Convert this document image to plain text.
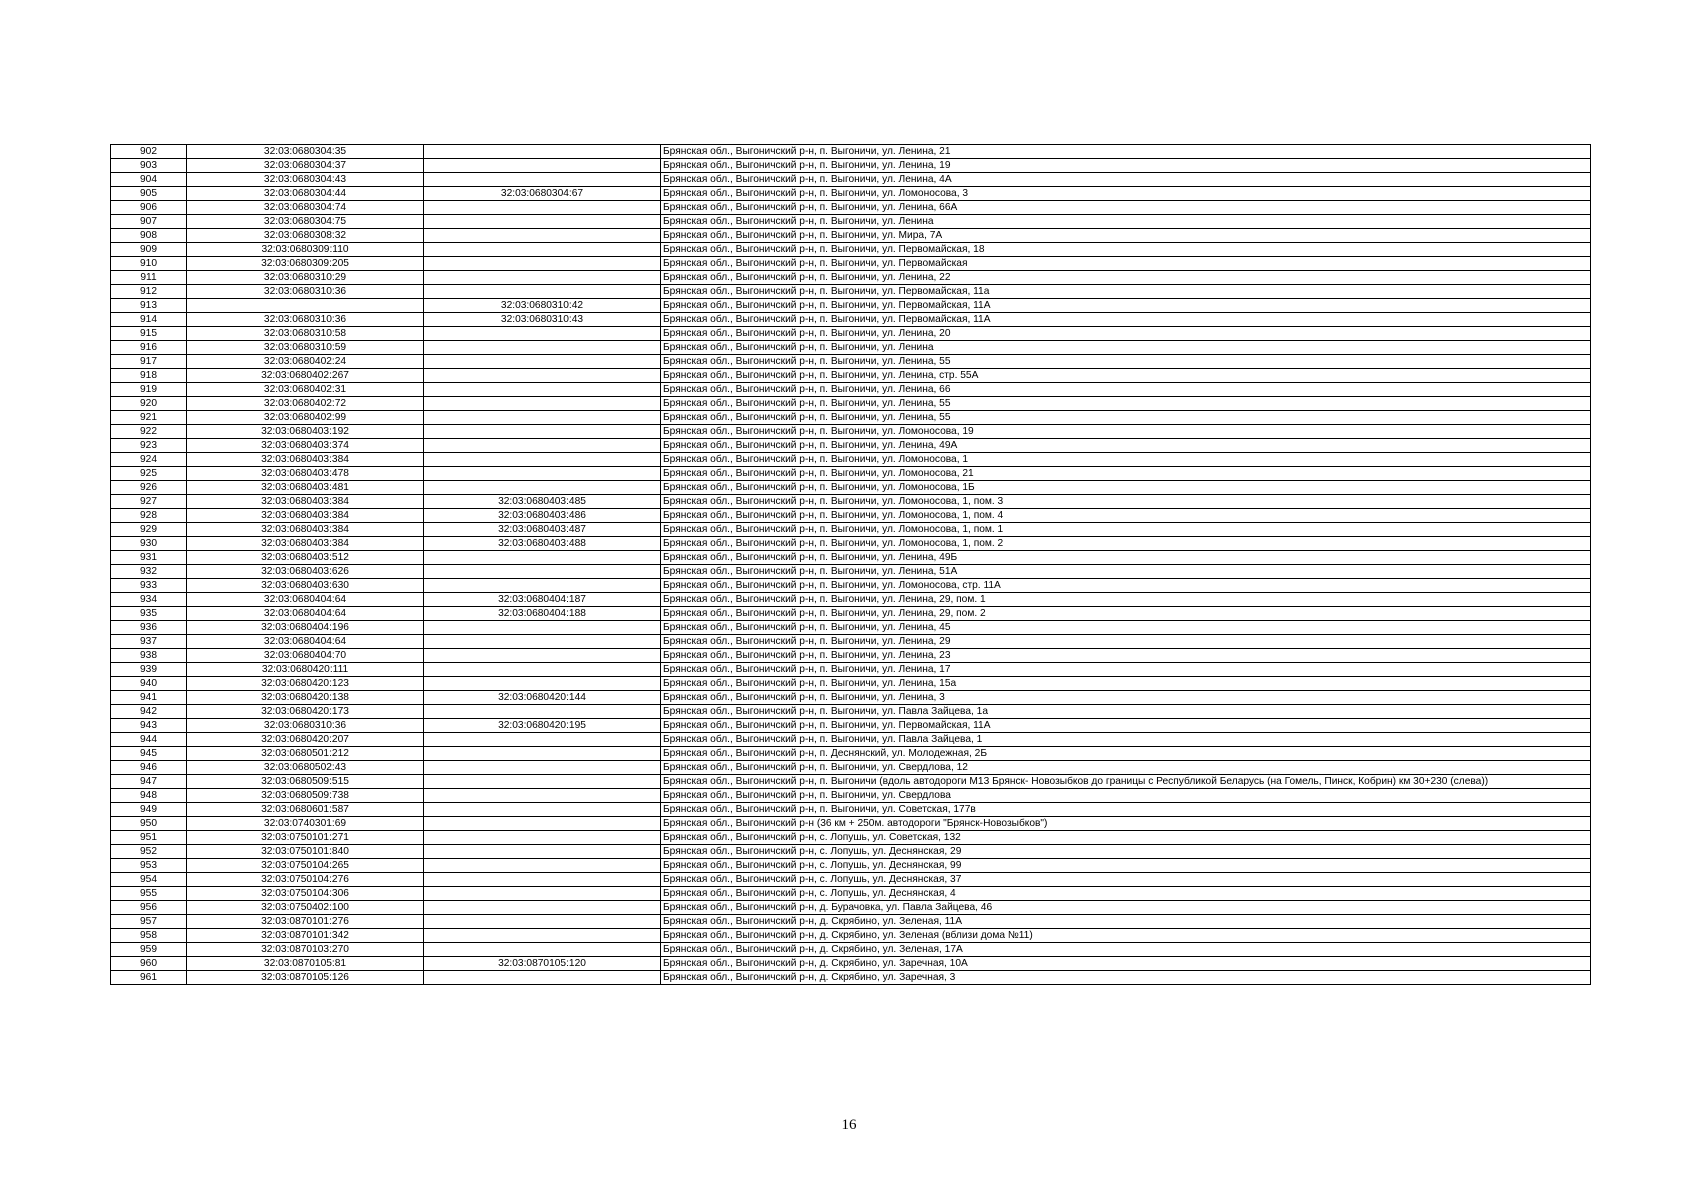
902	32:03:0680304:35		Брянская обл., Выгоничский р-н, п. Выгоничи, ул. Ленина, 21
903	32:03:0680304:37		Брянская обл., Выгоничский р-н, п. Выгоничи, ул. Ленина, 19
904	32:03:0680304:43		Брянская обл., Выгоничский р-н, п. Выгоничи, ул. Ленина, 4А
905	32:03:0680304:44	32:03:0680304:67	Брянская обл., Выгоничский р-н, п. Выгоничи, ул. Ломоносова, 3
906	32:03:0680304:74		Брянская обл., Выгоничский р-н, п. Выгоничи, ул. Ленина, 66А
907	32:03:0680304:75		Брянская обл., Выгоничский р-н, п. Выгоничи, ул. Ленина
908	32:03:0680308:32		Брянская обл., Выгоничский р-н, п. Выгоничи, ул. Мира, 7А
909	32:03:0680309:110		Брянская обл., Выгоничский р-н, п. Выгоничи, ул. Первомайская, 18
910	32:03:0680309:205		Брянская обл., Выгоничский р-н, п. Выгоничи, ул. Первомайская
911	32:03:0680310:29		Брянская обл., Выгоничский р-н, п. Выгоничи, ул. Ленина, 22
912	32:03:0680310:36		Брянская обл., Выгоничский р-н, п. Выгоничи, ул. Первомайская, 11а
913		32:03:0680310:42	Брянская обл., Выгоничский р-н, п. Выгоничи, ул. Первомайская, 11А
914	32:03:0680310:36	32:03:0680310:43	Брянская обл., Выгоничский р-н, п. Выгоничи, ул. Первомайская, 11А
915	32:03:0680310:58		Брянская обл., Выгоничский р-н, п. Выгоничи, ул. Ленина, 20
916	32:03:0680310:59		Брянская обл., Выгоничский р-н, п. Выгоничи, ул. Ленина
917	32:03:0680402:24		Брянская обл., Выгоничский р-н, п. Выгоничи, ул. Ленина, 55
918	32:03:0680402:267		Брянская обл., Выгоничский р-н, п. Выгоничи, ул. Ленина, стр. 55А
919	32:03:0680402:31		Брянская обл., Выгоничский р-н, п. Выгоничи, ул. Ленина, 66
920	32:03:0680402:72		Брянская обл., Выгоничский р-н, п. Выгоничи, ул. Ленина, 55
921	32:03:0680402:99		Брянская обл., Выгоничский р-н, п. Выгоничи, ул. Ленина, 55
922	32:03:0680403:192		Брянская обл., Выгоничский р-н, п. Выгоничи, ул. Ломоносова, 19
923	32:03:0680403:374		Брянская обл., Выгоничский р-н, п. Выгоничи, ул. Ленина, 49А
924	32:03:0680403:384		Брянская обл., Выгоничский р-н, п. Выгоничи, ул. Ломоносова, 1
925	32:03:0680403:478		Брянская обл., Выгоничский р-н, п. Выгоничи, ул. Ломоносова, 21
926	32:03:0680403:481		Брянская обл., Выгоничский р-н, п. Выгоничи, ул. Ломоносова, 1Б
927	32:03:0680403:384	32:03:0680403:485	Брянская обл., Выгоничский р-н, п. Выгоничи, ул. Ломоносова, 1, пом. 3
928	32:03:0680403:384	32:03:0680403:486	Брянская обл., Выгоничский р-н, п. Выгоничи, ул. Ломоносова, 1, пом. 4
929	32:03:0680403:384	32:03:0680403:487	Брянская обл., Выгоничский р-н, п. Выгоничи, ул. Ломоносова, 1, пом. 1
930	32:03:0680403:384	32:03:0680403:488	Брянская обл., Выгоничский р-н, п. Выгоничи, ул. Ломоносова, 1, пом. 2
931	32:03:0680403:512		Брянская обл., Выгоничский р-н, п. Выгоничи, ул. Ленина, 49Б
932	32:03:0680403:626		Брянская обл., Выгоничский р-н, п. Выгоничи, ул. Ленина, 51А
933	32:03:0680403:630		Брянская обл., Выгоничский р-н, п. Выгоничи, ул. Ломоносова, стр. 11А
934	32:03:0680404:64	32:03:0680404:187	Брянская обл., Выгоничский р-н, п. Выгоничи, ул. Ленина, 29, пом. 1
935	32:03:0680404:64	32:03:0680404:188	Брянская обл., Выгоничский р-н, п. Выгоничи, ул. Ленина, 29, пом. 2
936	32:03:0680404:196		Брянская обл., Выгоничский р-н, п. Выгоничи, ул. Ленина, 45
937	32:03:0680404:64		Брянская обл., Выгоничский р-н, п. Выгоничи, ул. Ленина, 29
938	32:03:0680404:70		Брянская обл., Выгоничский р-н, п. Выгоничи, ул. Ленина, 23
939	32:03:0680420:111		Брянская обл., Выгоничский р-н, п. Выгоничи, ул. Ленина, 17
940	32:03:0680420:123		Брянская обл., Выгоничский р-н, п. Выгоничи, ул. Ленина, 15а
941	32:03:0680420:138	32:03:0680420:144	Брянская обл., Выгоничский р-н, п. Выгоничи, ул. Ленина, 3
942	32:03:0680420:173		Брянская обл., Выгоничский р-н, п. Выгоничи, ул. Павла Зайцева, 1а
943	32:03:0680310:36	32:03:0680420:195	Брянская обл., Выгоничский р-н, п. Выгоничи, ул. Первомайская, 11А
944	32:03:0680420:207		Брянская обл., Выгоничский р-н, п. Выгоничи, ул. Павла Зайцева, 1
945	32:03:0680501:212		Брянская обл., Выгоничский р-н, п. Деснянский, ул. Молодежная, 2Б
946	32:03:0680502:43		Брянская обл., Выгоничский р-н, п. Выгоничи, ул. Свердлова, 12
947	32:03:0680509:515		Брянская обл., Выгоничский р-н, п. Выгоничи (вдоль автодороги М13 Брянск- Новозыбков до границы с Республикой Беларусь (на Гомель, Пинск, Кобрин) км 30+230 (слева))
948	32:03:0680509:738		Брянская обл., Выгоничский р-н, п. Выгоничи, ул. Свердлова
949	32:03:0680601:587		Брянская обл., Выгоничский р-н, п. Выгоничи, ул. Советская, 177в
950	32:03:0740301:69		Брянская обл., Выгоничский р-н (36 км + 250м. автодороги "Брянск-Новозыбков")
951	32:03:0750101:271		Брянская обл., Выгоничский р-н, с. Лопушь, ул. Советская, 132
952	32:03:0750101:840		Брянская обл., Выгоничский р-н, с. Лопушь, ул. Деснянская, 29
953	32:03:0750104:265		Брянская обл., Выгоничский р-н, с. Лопушь, ул. Деснянская, 99
954	32:03:0750104:276		Брянская обл., Выгоничский р-н, с. Лопушь, ул. Деснянская, 37
955	32:03:0750104:306		Брянская обл., Выгоничский р-н, с. Лопушь, ул. Деснянская, 4
956	32:03:0750402:100		Брянская обл., Выгоничский р-н, д. Бурачовка, ул. Павла Зайцева, 46
957	32:03:0870101:276		Брянская обл., Выгоничский р-н, д. Скрябино, ул. Зеленая, 11А
958	32:03:0870101:342		Брянская обл., Выгоничский р-н, д. Скрябино, ул. Зеленая (вблизи дома №11)
959	32:03:0870103:270		Брянская обл., Выгоничский р-н, д. Скрябино, ул. Зеленая, 17А
960	32:03:0870105:81	32:03:0870105:120	Брянская обл., Выгоничский р-н, д. Скрябино, ул. Заречная, 10А
961	32:03:0870105:126		Брянская обл., Выгоничский р-н, д. Скрябино, ул. Заречная, 3
16
